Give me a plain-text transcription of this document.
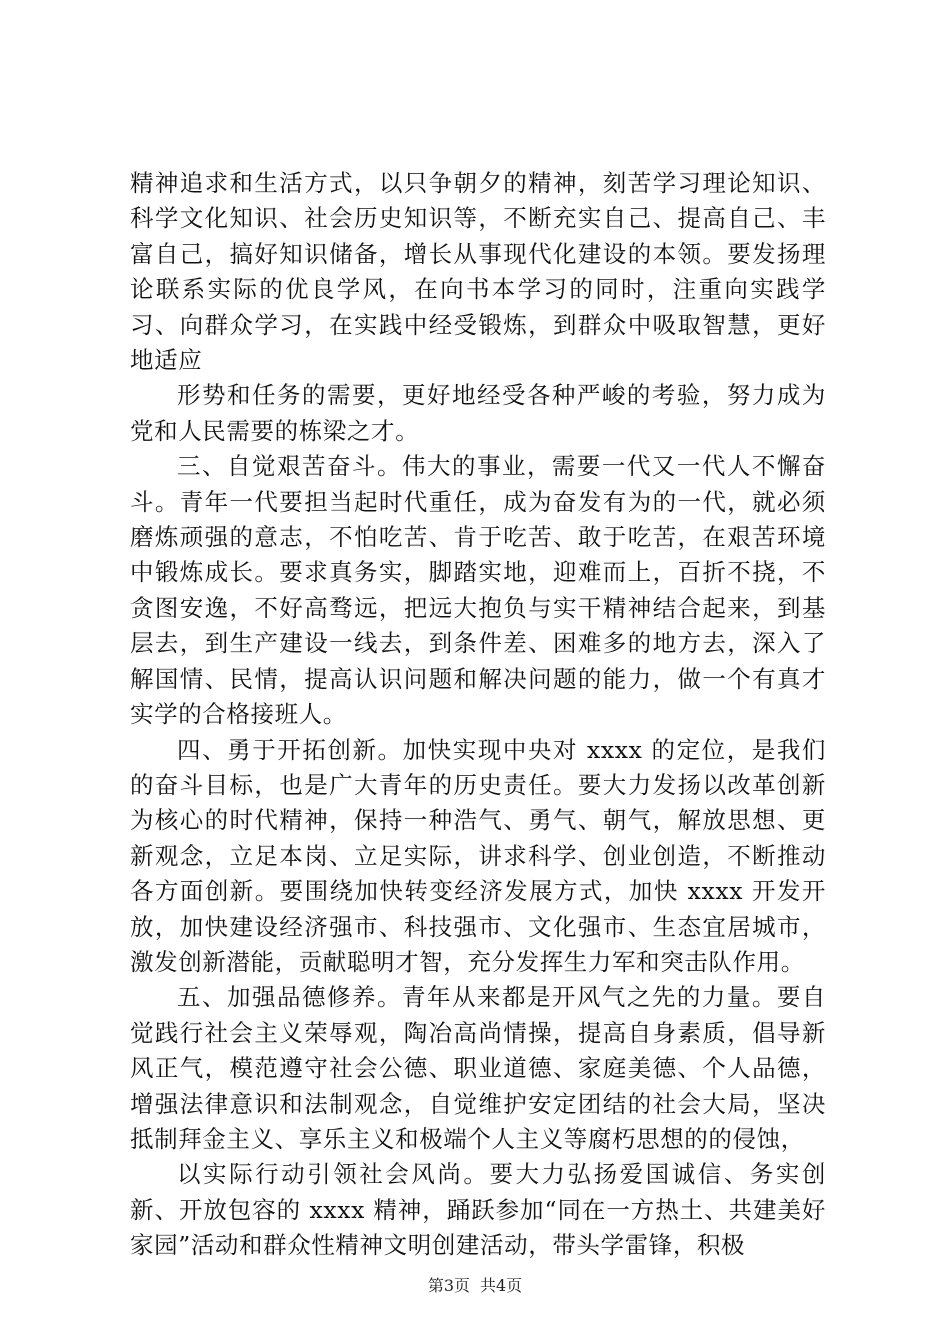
精神追求和生活方式，以只争朝夕的精神，刻苦学习理论知识、科学文化知识、社会历史知识等，不断充实自己、提高自己、丰富自己，搞好知识储备，增长从事现代化建设的本领。要发扬理论联系实际的优良学风，在向书本学习的同时，注重向实践学习、向群众学习，在实践中经受锻炼，到群众中吸取智慧，更好地适应

形势和任务的需要，更好地经受各种严峻的考验，努力成为党和人民需要的栋梁之才。

三、自觉艰苦奋斗。伟大的事业，需要一代又一代人不懈奋斗。青年一代要担当起时代重任，成为奋发有为的一代，就必须磨炼顽强的意志，不怕吃苦、肯于吃苦、敢于吃苦，在艰苦环境中锻炼成长。要求真务实，脚踏实地，迎难而上，百折不挠，不贪图安逸，不好高骛远，把远大抱负与实干精神结合起来，到基层去，到生产建设一线去，到条件差、困难多的地方去，深入了解国情、民情，提高认识问题和解决问题的能力，做一个有真才实学的合格接班人。

四、勇于开拓创新。加快实现中央对 xxxx 的定位，是我们的奋斗目标，也是广大青年的历史责任。要大力发扬以改革创新为核心的时代精神，保持一种浩气、勇气、朝气，解放思想、更新观念，立足本岗、立足实际，讲求科学、创业创造，不断推动各方面创新。要围绕加快转变经济发展方式，加快 xxxx 开发开放，加快建设经济强市、科技强市、文化强市、生态宜居城市，激发创新潜能，贡献聪明才智，充分发挥生力军和突击队作用。

五、加强品德修养。青年从来都是开风气之先的力量。要自觉践行社会主义荣辱观，陶冶高尚情操，提高自身素质，倡导新风正气，模范遵守社会公德、职业道德、家庭美德、个人品德，增强法律意识和法制观念，自觉维护安定团结的社会大局，坚决抵制拜金主义、享乐主义和极端个人主义等腐朽思想的的侵蚀，

以实际行动引领社会风尚。要大力弘扬爱国诚信、务实创新、开放包容的 xxxx 精神，踊跃参加“同在一方热土、共建美好家园”活动和群众性精神文明创建活动，带头学雷锋，积极

第3页 共4页
